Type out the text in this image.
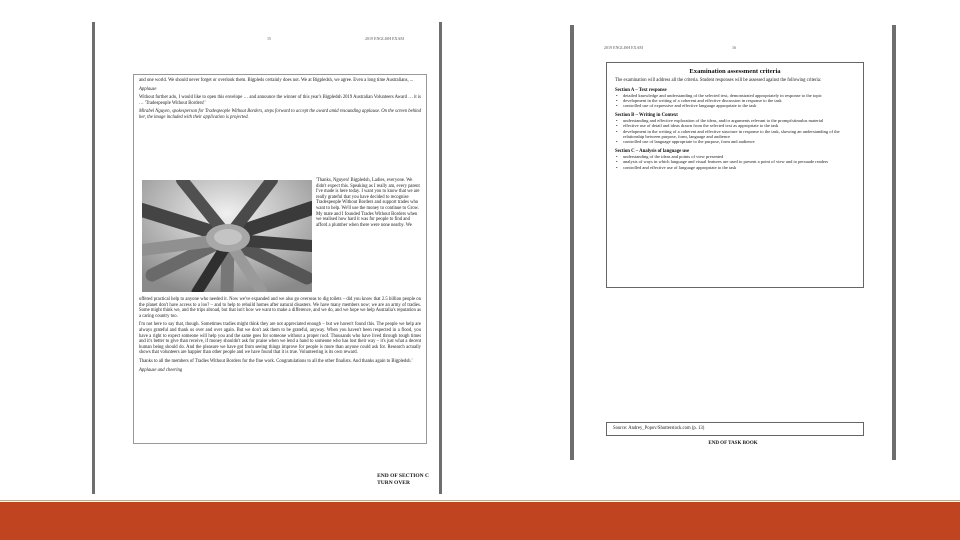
15	2019 ENGLISH EXAM

and one world. We should never forget or overlook them. Bigpleds certainly does not. We at Bigpledsh, we agree. Even a long time Australians, ...

Applause

Without further ado, I would like to open this envelope … and announce the winner of this year's Bigpledsh 2019 Australian Volunteers Award … it is … 'Tradespeople Without Borders!'

Mirabel Nguyen, spokesperson for Tradespeople Without Borders, steps forward to accept the award amid resounding applause. On the screen behind her, the image included with their application is projected.

'Thanks, Nguyen! Bigpledsh, Ladies, everyone. We didn't expect this. Speaking as I really am, every parent I've made is here today. I want you to know that we are really grateful that you have decided to recognise Tradespeople Without Borders and support trades who want to help. We'll use the money to continue to Grow. My mate and I founded Trades Without Borders when we realised how hard it was for people to find and afford a plumber when there were none nearby. We

offered practical help to anyone who needed it. Now we've expanded and we also go overseas to dig toilets – did you know that 2.5 billion people on the planet don't have access to a loo? – and to help to rebuild homes after natural disasters. We have many members now; we are an army of tradies. Some might think we, and the trips abroad, but that isn't how we want to make a difference, and we do, and we hope we help Australia's reputation as a caring country too.

I'm not here to say that, though. Sometimes tradies might think they are not appreciated enough – but we haven't found this. The people we help are always grateful and thank us over and over again. But we don't ask them to be grateful, anyway. When you haven't been respected in a flood, you have a right to expect someone will help you and the same goes for someone without a proper roof. Thousands who have lived through tough times and it's better to give than receive, if money shouldn't ask for praise when we lend a hand to someone who has lost their way – it's just what a decent human being should do. And the pleasure we have got from seeing things improve for people is more than anyone could ask for. Research actually shows that volunteers are happier than other people and we have found that it is true. Volunteering is its own reward.

Thanks to all the members of Tradies Without Borders for the fine work. Congratulations to all the other finalists. And thanks again to Bigpledsh.'

Applause and cheering

END OF SECTION C
TURN OVER
2019 ENGLISH EXAM	16
Examination assessment criteria
The examination will address all the criteria. Student responses will be assessed against the following criteria:
Section A – Text response
• detailed knowledge and understanding of the selected text, demonstrated appropriately in response to the topic
• development in the writing of a coherent and effective discussion in response to the task
• controlled use of expressive and effective language appropriate to the task
Section B – Writing in Context
• understanding and effective exploration of the ideas, and/or arguments relevant to the prompt/stimulus material
• effective use of detail and ideas drawn from the selected text as appropriate to the task
• development in the writing of a coherent and effective structure in response to the task, showing an understanding of the relationship between purpose, form, language and audience
• controlled use of language appropriate to the purpose, form and audience
Section C – Analysis of language use
• understanding of the ideas and points of view presented
• analysis of ways in which language and visual features are used to present a point of view and to persuade readers
• controlled and effective use of language appropriate to the task
Source: Andrey_Popov/Shutterstock.com (p. 13)
END OF TASK BOOK
